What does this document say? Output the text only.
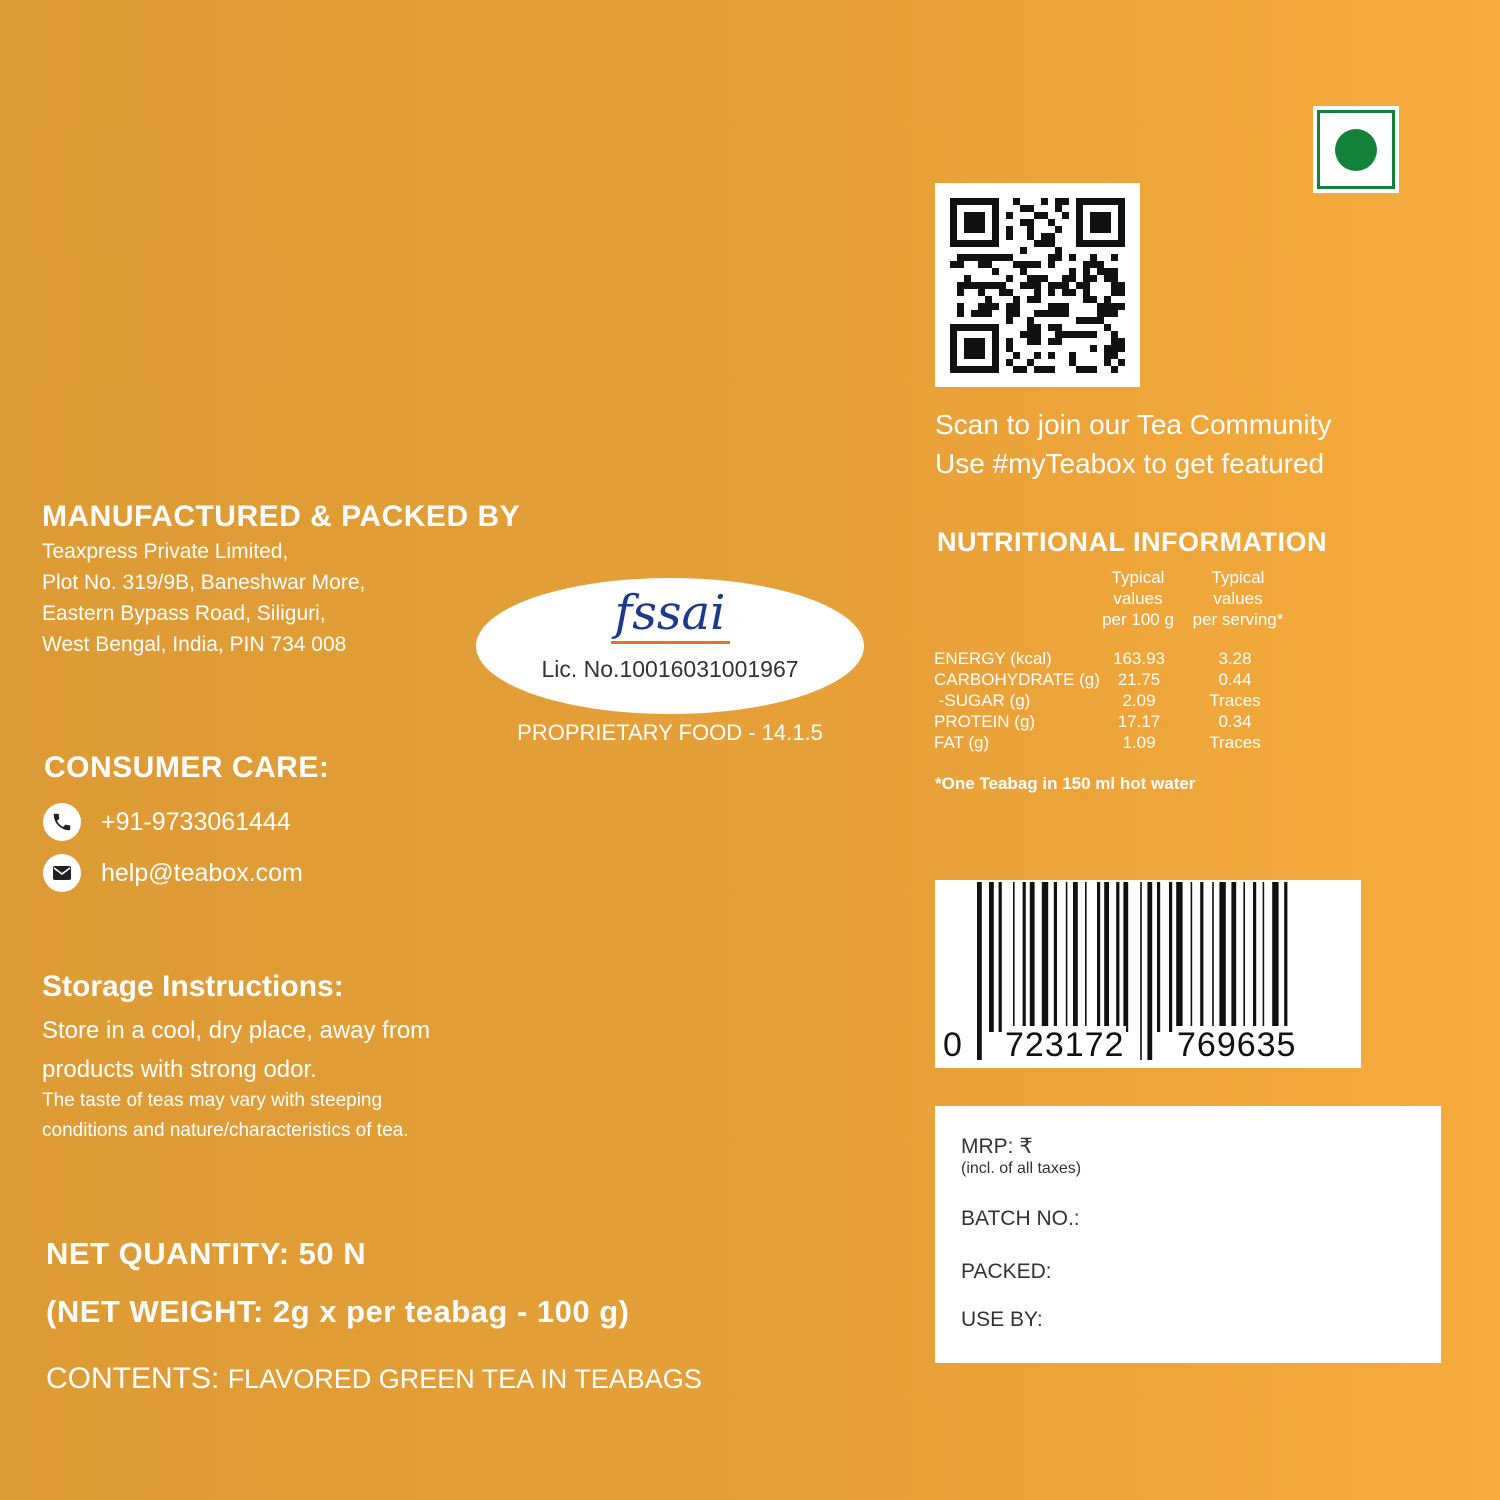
Scan to join our Tea Community
Use #myTeabox to get featured
MANUFACTURED & PACKED BY
Teaxpress Private Limited,
Plot No. 319/9B, Baneshwar More,
Eastern Bypass Road, Siliguri,
West Bengal, India, PIN 734 008
fssai
Lic. No.10016031001967
PROPRIETARY FOOD - 14.1.5
CONSUMER CARE:
+91-9733061444
help@teabox.com
Storage Instructions:
Store in a cool, dry place, away from
products with strong odor.
The taste of teas may vary with steeping
conditions and nature/characteristics of tea.
NET QUANTITY: 50 N
(NET WEIGHT: 2g x per teabag - 100 g)
CONTENTS: FLAVORED GREEN TEA IN TEABAGS
NUTRITIONAL INFORMATION
Typical
values
per 100 g
Typical
values
per serving*
ENERGY (kcal)	163.93	3.28
CARBOHYDRATE (g)	21.75	0.44
-SUGAR (g)	2.09	Traces
PROTEIN (g)	17.17	0.34
FAT (g)	1.09	Traces
*One Teabag in 150 ml hot water
0 723172 769635
MRP: ₹
(incl. of all taxes)
BATCH NO.:
PACKED:
USE BY:
